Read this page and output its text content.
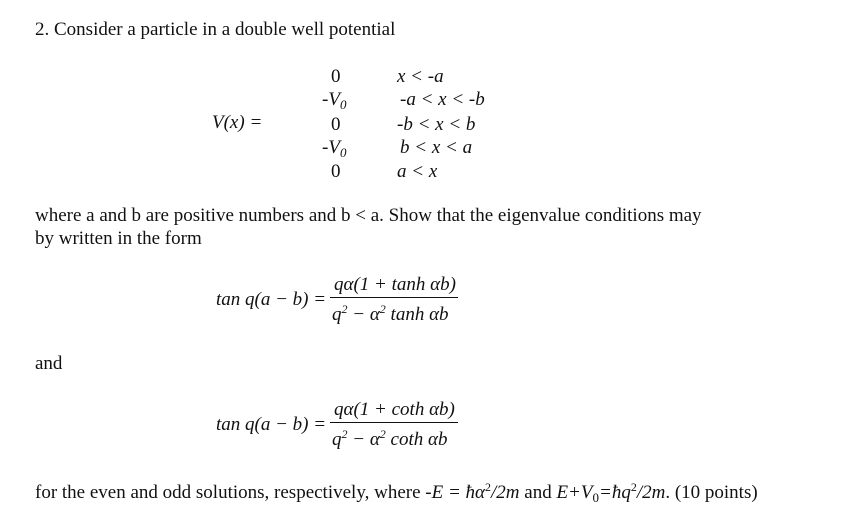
2. Consider a particle in a double well potential
V(x) =
0
$-V_0$
0
$-V_0$
0
x < -a
-a < x < -b
-b < x < b
b < x < a
a < x
where a and b are positive numbers and b < a. Show that the eigenvalue conditions may
by written in the form
tan q(a − b) =
qα(1 + tanh αb)
$q^2 - \alpha^2$ tanh αb
and
tan q(a − b) =
qα(1 + coth αb)
$q^2 - \alpha^2$ coth αb
for the even and odd solutions, respectively, where $-E = ħ\alpha^2/2m$ and $E+V_0=ħq^2/2m$. (10 points)
